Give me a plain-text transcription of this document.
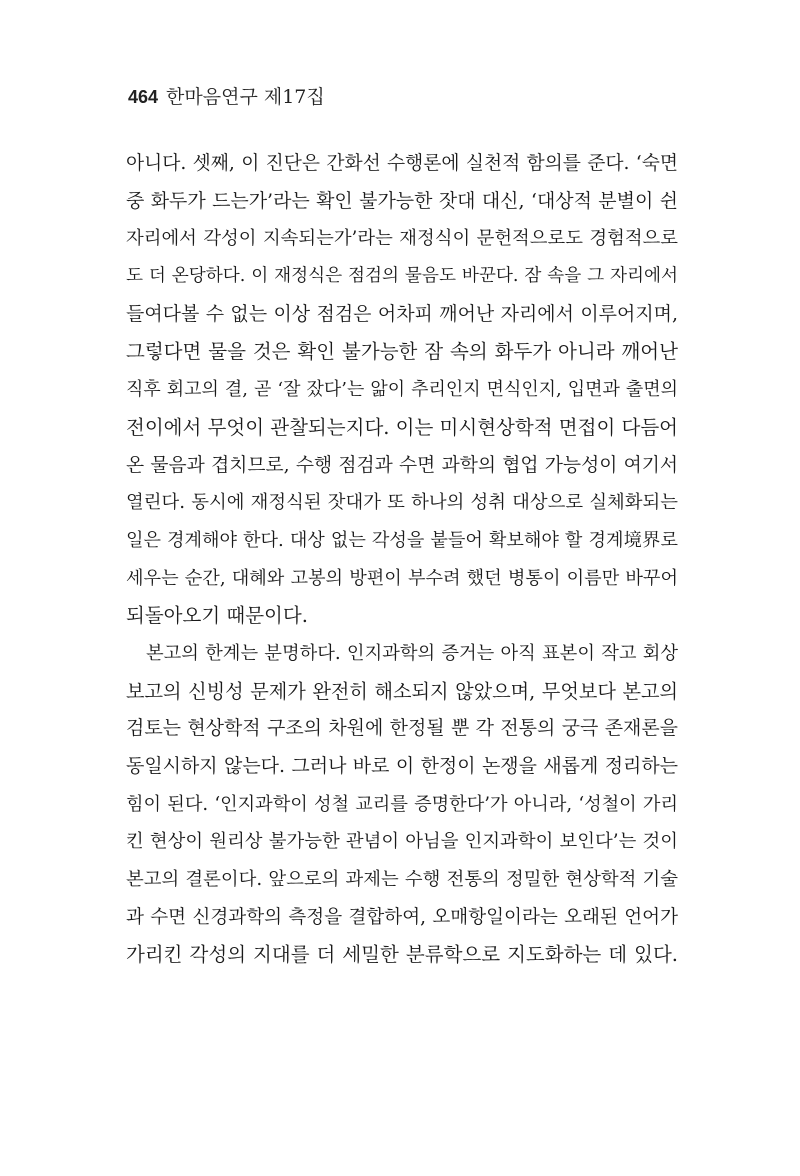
464 한마음연구 제17집
아니다. 셋째, 이 진단은 간화선 수행론에 실천적 함의를 준다. ‘숙면
중 화두가 드는가’라는 확인 불가능한 잣대 대신, ‘대상적 분별이 쉰
자리에서 각성이 지속되는가’라는 재정식이 문헌적으로도 경험적으로
도 더 온당하다. 이 재정식은 점검의 물음도 바꾼다. 잠 속을 그 자리에서
들여다볼 수 없는 이상 점검은 어차피 깨어난 자리에서 이루어지며,
그렇다면 물을 것은 확인 불가능한 잠 속의 화두가 아니라 깨어난
직후 회고의 결, 곧 ‘잘 잤다’는 앎이 추리인지 면식인지, 입면과 출면의
전이에서 무엇이 관찰되는지다. 이는 미시현상학적 면접이 다듬어
온 물음과 겹치므로, 수행 점검과 수면 과학의 협업 가능성이 여기서
열린다. 동시에 재정식된 잣대가 또 하나의 성취 대상으로 실체화되는
일은 경계해야 한다. 대상 없는 각성을 붙들어 확보해야 할 경계境界로
세우는 순간, 대혜와 고봉의 방편이 부수려 했던 병통이 이름만 바꾸어
되돌아오기 때문이다.
본고의 한계는 분명하다. 인지과학의 증거는 아직 표본이 작고 회상
보고의 신빙성 문제가 완전히 해소되지 않았으며, 무엇보다 본고의
검토는 현상학적 구조의 차원에 한정될 뿐 각 전통의 궁극 존재론을
동일시하지 않는다. 그러나 바로 이 한정이 논쟁을 새롭게 정리하는
힘이 된다. ‘인지과학이 성철 교리를 증명한다’가 아니라, ‘성철이 가리
킨 현상이 원리상 불가능한 관념이 아님을 인지과학이 보인다’는 것이
본고의 결론이다. 앞으로의 과제는 수행 전통의 정밀한 현상학적 기술
과 수면 신경과학의 측정을 결합하여, 오매항일이라는 오래된 언어가
가리킨 각성의 지대를 더 세밀한 분류학으로 지도화하는 데 있다.
